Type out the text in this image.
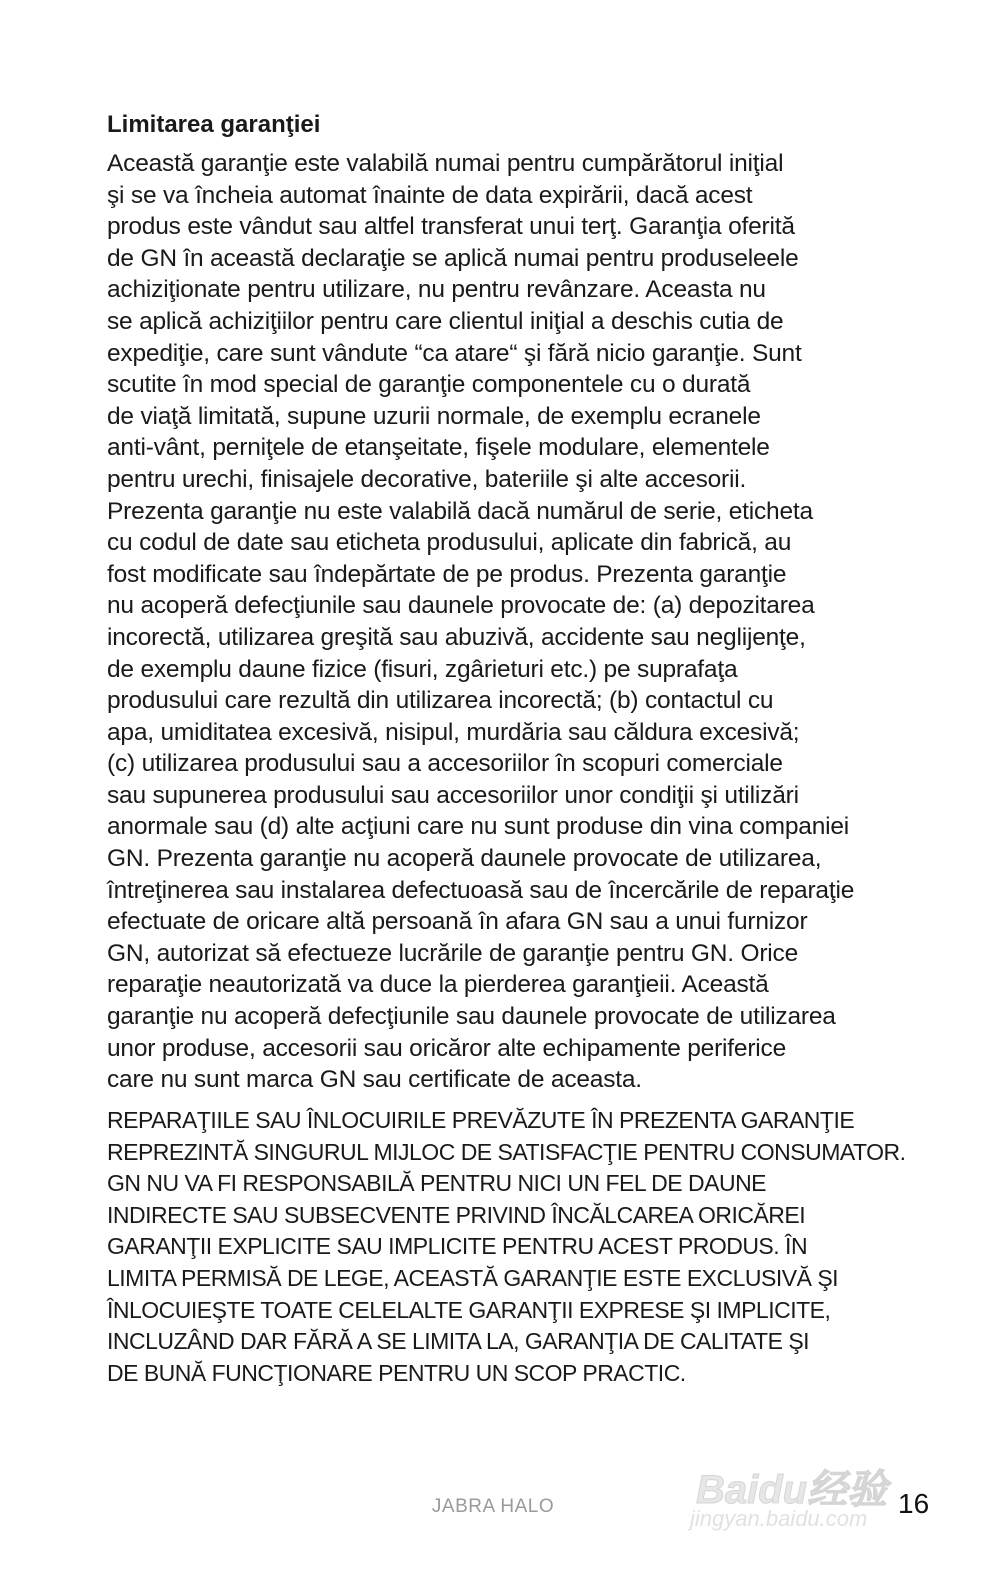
Limitarea garanţiei
Această garanţie este valabilă numai pentru cumpărătorul iniţial
şi se va încheia automat înainte de data expirării, dacă acest
produs este vândut sau altfel transferat unui terţ. Garanţia oferită
de GN în această declaraţie se aplică numai pentru produseleele
achiziţionate pentru utilizare, nu pentru revânzare. Aceasta nu
se aplică achiziţiilor pentru care clientul iniţial a deschis cutia de
expediţie, care sunt vândute “ca atare“ şi fără nicio garanţie. Sunt
scutite în mod special de garanţie componentele cu o durată
de viaţă limitată, supune uzurii normale, de exemplu ecranele
anti-vânt, perniţele de etanşeitate, fişele modulare, elementele
pentru urechi, finisajele decorative, bateriile şi alte accesorii.
Prezenta garanţie nu este valabilă dacă numărul de serie, eticheta
cu codul de date sau eticheta produsului, aplicate din fabrică, au
fost modificate sau îndepărtate de pe produs. Prezenta garanţie
nu acoperă defecţiunile sau daunele provocate de: (a) depozitarea
incorectă, utilizarea greşită sau abuzivă, accidente sau neglijenţe,
de exemplu daune fizice (fisuri, zgârieturi etc.) pe suprafaţa
produsului care rezultă din utilizarea incorectă; (b) contactul cu
apa, umiditatea excesivă, nisipul, murdăria sau căldura excesivă;
(c) utilizarea produsului sau a accesoriilor în scopuri comerciale
sau supunerea produsului sau accesoriilor unor condiţii şi utilizări
anormale sau (d) alte acţiuni care nu sunt produse din vina companiei
GN. Prezenta garanţie nu acoperă daunele provocate de utilizarea,
întreţinerea sau instalarea defectuoasă sau de încercările de reparaţie
efectuate de oricare altă persoană în afara GN sau a unui furnizor
GN, autorizat să efectueze lucrările de garanţie pentru GN. Orice
reparaţie neautorizată va duce la pierderea garanţieii. Această
garanţie nu acoperă defecţiunile sau daunele provocate de utilizarea
unor produse, accesorii sau oricăror alte echipamente periferice
care nu sunt marca GN sau certificate de aceasta.
REPARAŢIILE SAU ÎNLOCUIRILE PREVĂZUTE ÎN PREZENTA GARANŢIE
REPREZINTĂ SINGURUL MIJLOC DE SATISFACŢIE PENTRU CONSUMATOR.
GN NU VA FI RESPONSABILĂ PENTRU NICI UN FEL DE DAUNE
INDIRECTE SAU SUBSECVENTE PRIVIND ÎNCĂLCAREA ORICĂREI
GARANŢII EXPLICITE SAU IMPLICITE PENTRU ACEST PRODUS. ÎN
LIMITA PERMISĂ DE LEGE, ACEASTĂ GARANŢIE ESTE EXCLUSIVĂ ŞI
ÎNLOCUIEŞTE TOATE CELELALTE GARANŢII EXPRESE ŞI IMPLICITE,
INCLUZÂND DAR FĂRĂ A SE LIMITA LA, GARANŢIA DE CALITATE ŞI
DE BUNĂ FUNCŢIONARE PENTRU UN SCOP PRACTIC.
Baidu经验
jingyan.baidu.com
JABRA HALO	16
